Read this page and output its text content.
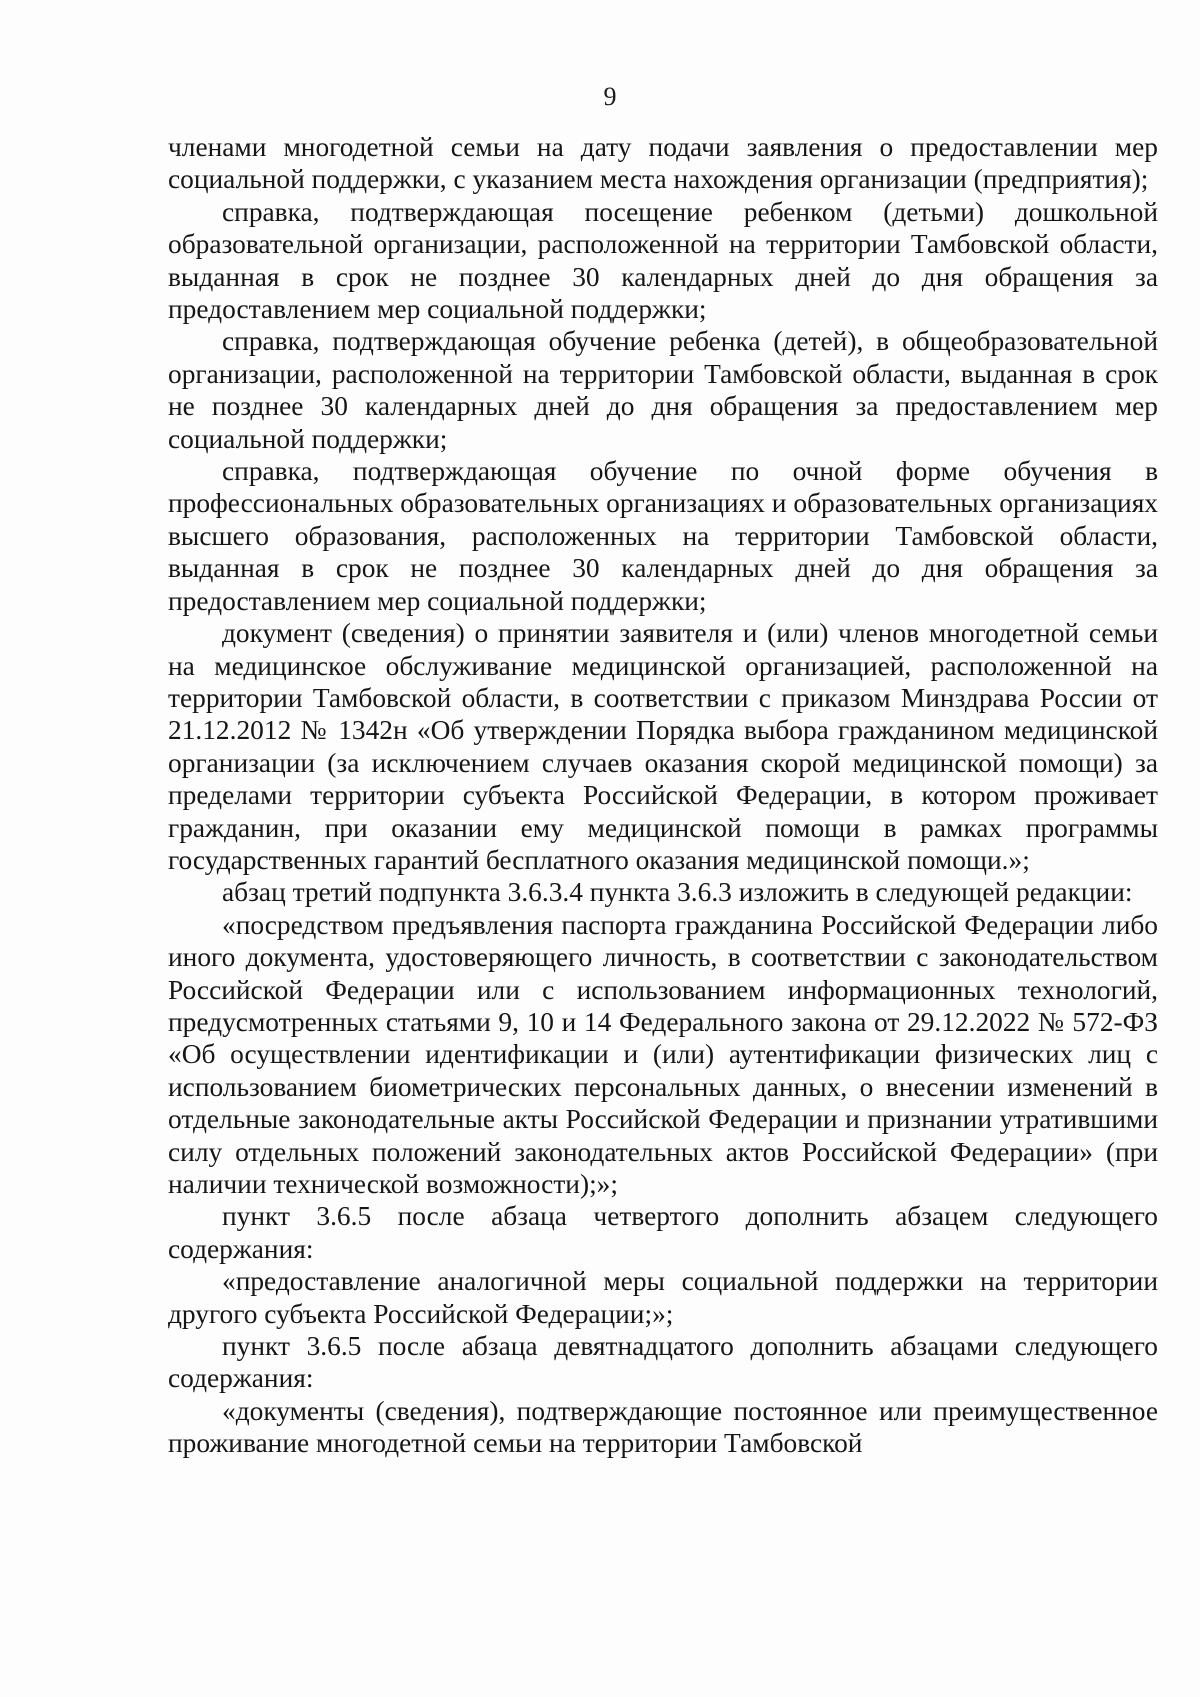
9

членами многодетной семьи на дату подачи заявления о предоставлении мер социальной поддержки, с указанием места нахождения организации (предприятия);

справка, подтверждающая посещение ребенком (детьми) дошкольной образовательной организации, расположенной на территории Тамбовской области, выданная в срок не позднее 30 календарных дней до дня обращения за предоставлением мер социальной поддержки;

справка, подтверждающая обучение ребенка (детей), в общеобразовательной организации, расположенной на территории Тамбовской области, выданная в срок не позднее 30 календарных дней до дня обращения за предоставлением мер социальной поддержки;

справка, подтверждающая обучение по очной форме обучения в профессиональных образовательных организациях и образовательных организациях высшего образования, расположенных на территории Тамбовской области, выданная в срок не позднее 30 календарных дней до дня обращения за предоставлением мер социальной поддержки;

документ (сведения) о принятии заявителя и (или) членов многодетной семьи на медицинское обслуживание медицинской организацией, расположенной на территории Тамбовской области, в соответствии с приказом Минздрава России от 21.12.2012 № 1342н «Об утверждении Порядка выбора гражданином медицинской организации (за исключением случаев оказания скорой медицинской помощи) за пределами территории субъекта Российской Федерации, в котором проживает гражданин, при оказании ему медицинской помощи в рамках программы государственных гарантий бесплатного оказания медицинской помощи.»;

абзац третий подпункта 3.6.3.4 пункта 3.6.3 изложить в следующей редакции:

«посредством предъявления паспорта гражданина Российской Федерации либо иного документа, удостоверяющего личность, в соответствии с законодательством Российской Федерации или с использованием информационных технологий, предусмотренных статьями 9, 10 и 14 Федерального закона от 29.12.2022 № 572-ФЗ «Об осуществлении идентификации и (или) аутентификации физических лиц с использованием биометрических персональных данных, о внесении изменений в отдельные законодательные акты Российской Федерации и признании утратившими силу отдельных положений законодательных актов Российской Федерации» (при наличии технической возможности);»;

пункт 3.6.5 после абзаца четвертого дополнить абзацем следующего содержания:

«предоставление аналогичной меры социальной поддержки на территории другого субъекта Российской Федерации;»;

пункт 3.6.5 после абзаца девятнадцатого дополнить абзацами следующего содержания:

«документы (сведения), подтверждающие постоянное или преимущественное проживание многодетной семьи на территории Тамбовской
